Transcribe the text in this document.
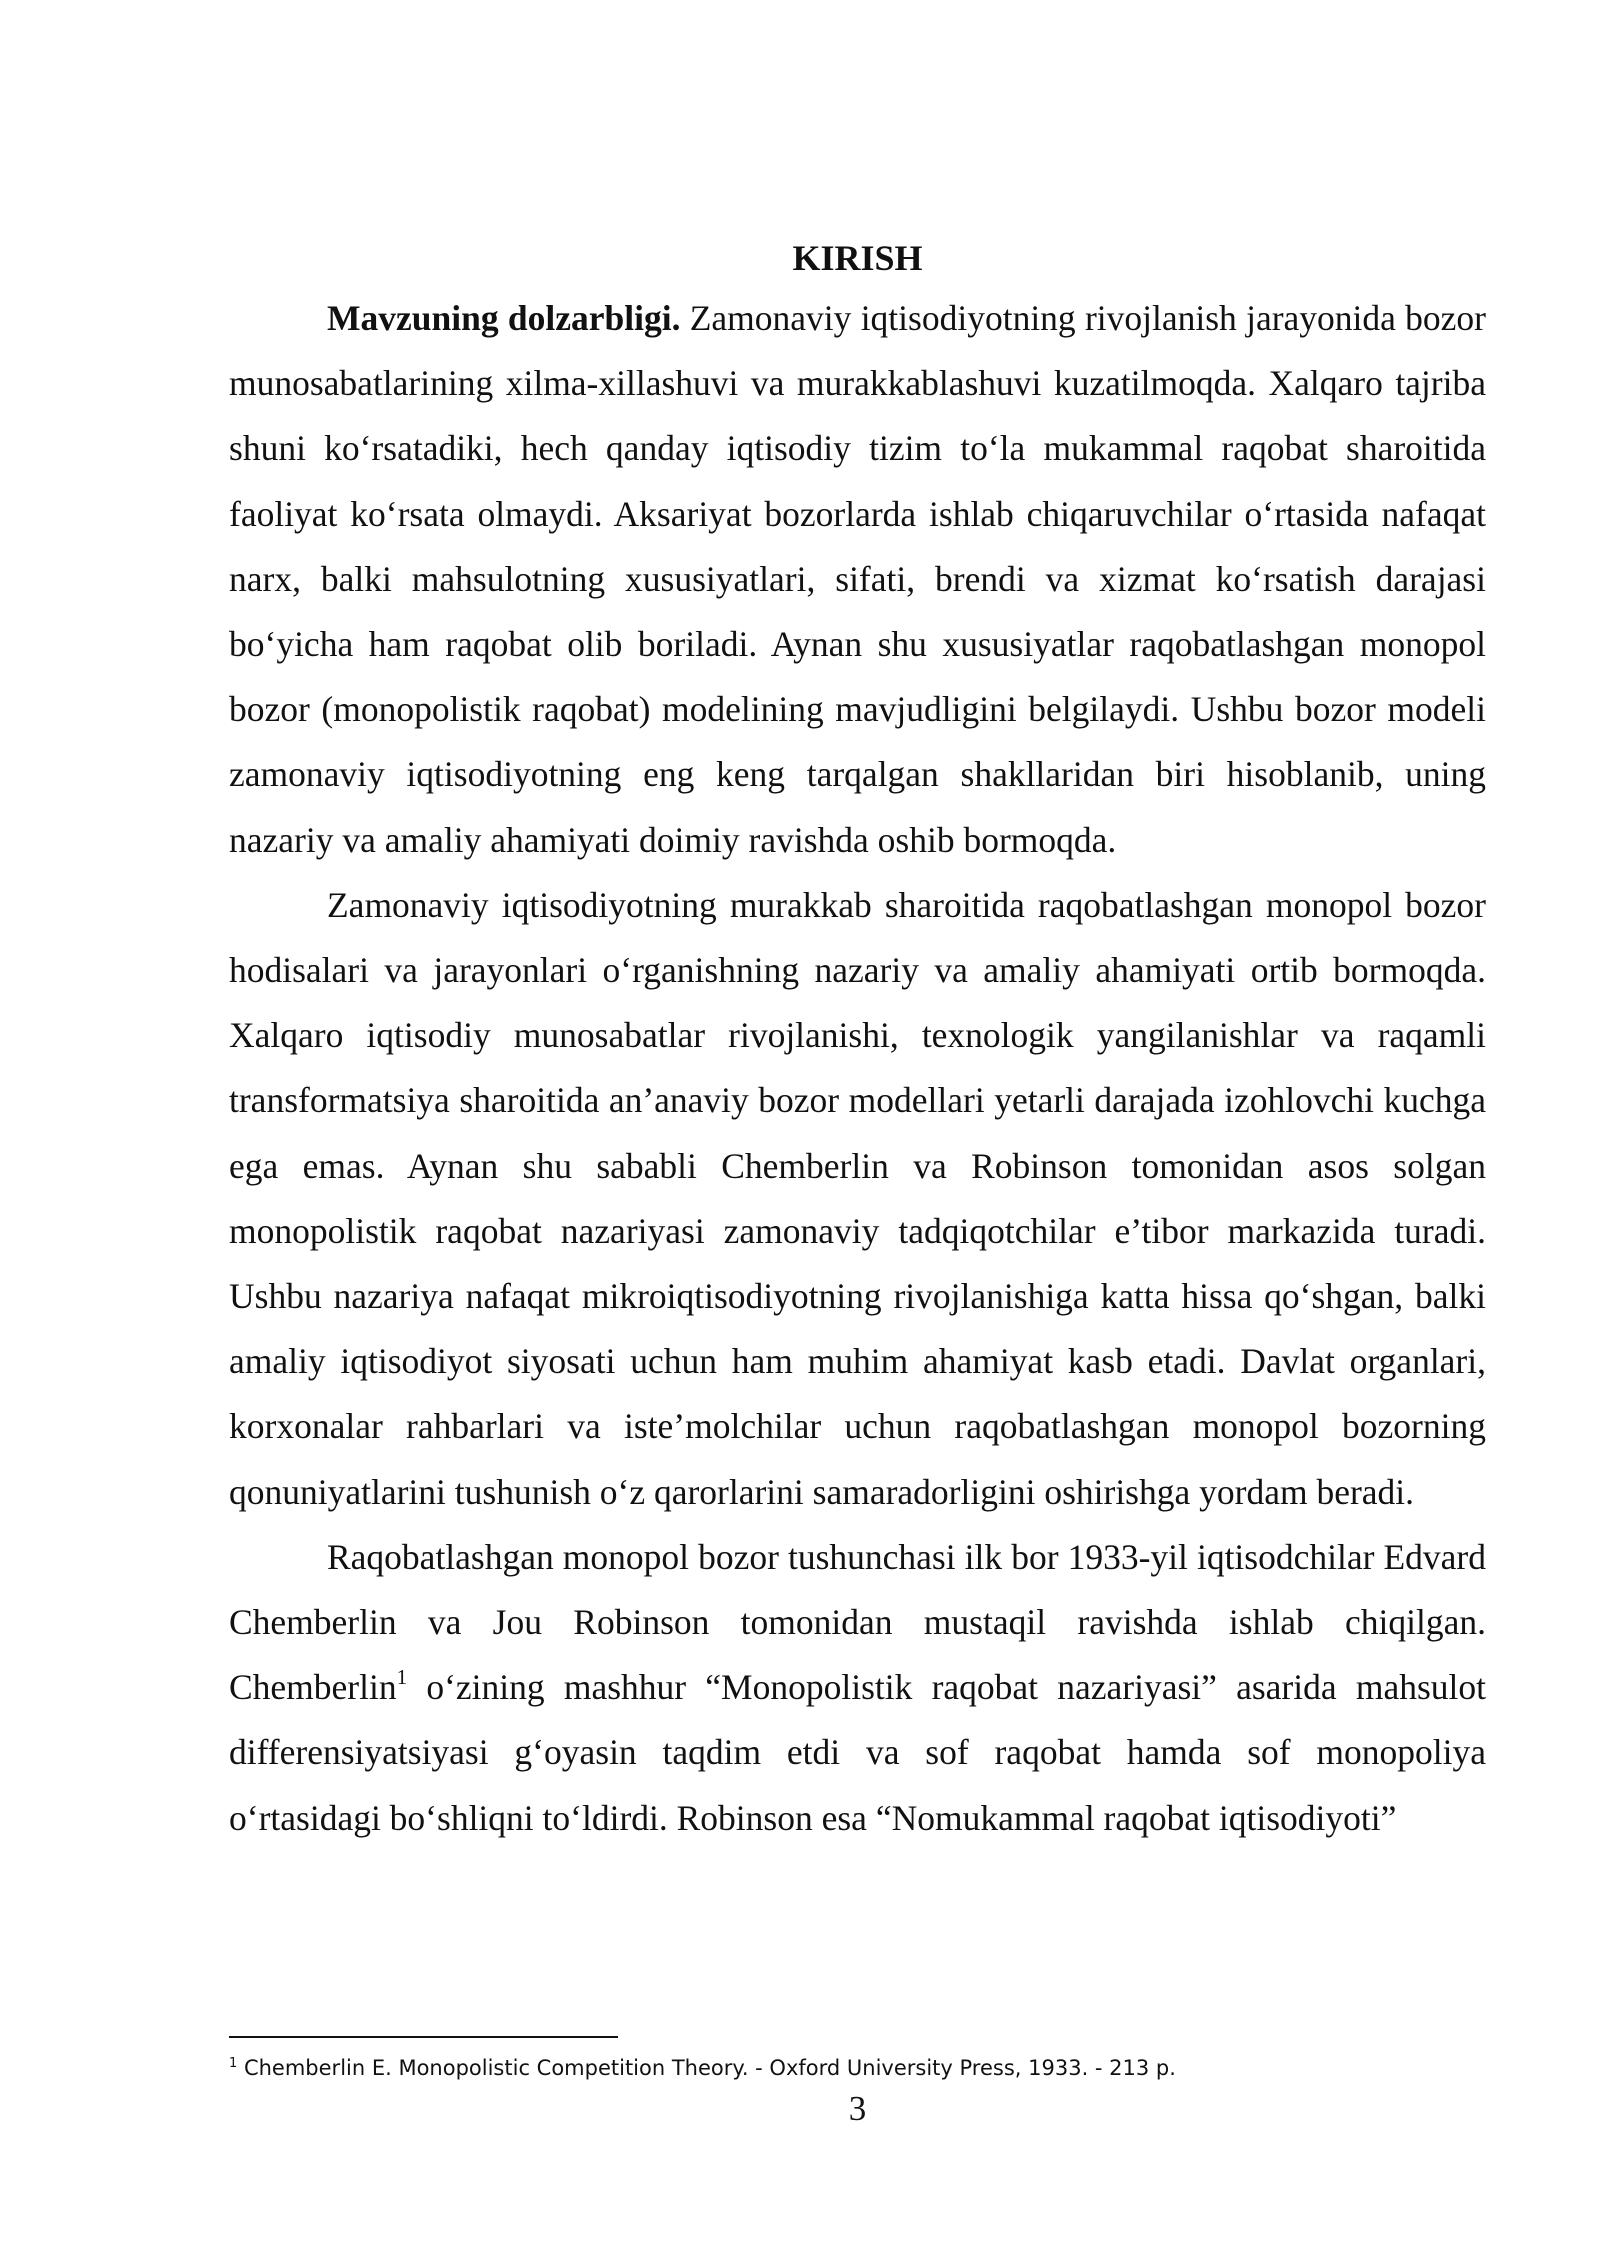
KIRISH

Mavzuning dolzarbligi. Zamonaviy iqtisodiyotning rivojlanish jarayonida bozor munosabatlarining xilma-xillashuvi va murakkablashuvi kuzatilmoqda. Xalqaro tajriba shuni ko‘rsatadiki, hech qanday iqtisodiy tizim to‘la mukammal raqobat sharoitida faoliyat ko‘rsata olmaydi. Aksariyat bozorlarda ishlab chiqaruvchilar o‘rtasida nafaqat narx, balki mahsulotning xususiyatlari, sifati, brendi va xizmat ko‘rsatish darajasi bo‘yicha ham raqobat olib boriladi. Aynan shu xususiyatlar raqobatlashgan monopol bozor (monopolistik raqobat) modelining mavjudligini belgilaydi. Ushbu bozor modeli zamonaviy iqtisodiyotning eng keng tarqalgan shakllaridan biri hisoblanib, uning nazariy va amaliy ahamiyati doimiy ravishda oshib bormoqda.

Zamonaviy iqtisodiyotning murakkab sharoitida raqobatlashgan monopol bozor hodisalari va jarayonlari o‘rganishning nazariy va amaliy ahamiyati ortib bormoqda. Xalqaro iqtisodiy munosabatlar rivojlanishi, texnologik yangilanishlar va raqamli transformatsiya sharoitida an’anaviy bozor modellari yetarli darajada izohlovchi kuchga ega emas. Aynan shu sababli Chemberlin va Robinson tomonidan asos solgan monopolistik raqobat nazariyasi zamonaviy tadqiqotchilar e’tibor markazida turadi. Ushbu nazariya nafaqat mikroiqtisodiyotning rivojlanishiga katta hissa qo‘shgan, balki amaliy iqtisodiyot siyosati uchun ham muhim ahamiyat kasb etadi. Davlat organlari, korxonalar rahbarlari va iste’molchilar uchun raqobatlashgan monopol bozorning qonuniyatlarini tushunish o‘z qarorlarini samaradorligini oshirishga yordam beradi.

Raqobatlashgan monopol bozor tushunchasi ilk bor 1933-yil iqtisodchilar Edvard Chemberlin va Jou Robinson tomonidan mustaqil ravishda ishlab chiqilgan. Chemberlin$^1$ o‘zining mashhur “Monopolistik raqobat nazariyasi” asarida mahsulot differensiyatsiyasi g‘oyasin taqdim etdi va sof raqobat hamda sof monopoliya o‘rtasidagi bo‘shliqni to‘ldirdi. Robinson esa “Nomukammal raqobat iqtisodiyoti”

$^1$ Chemberlin E. Monopolistic Competition Theory. - Oxford University Press, 1933. - 213 p.

3
